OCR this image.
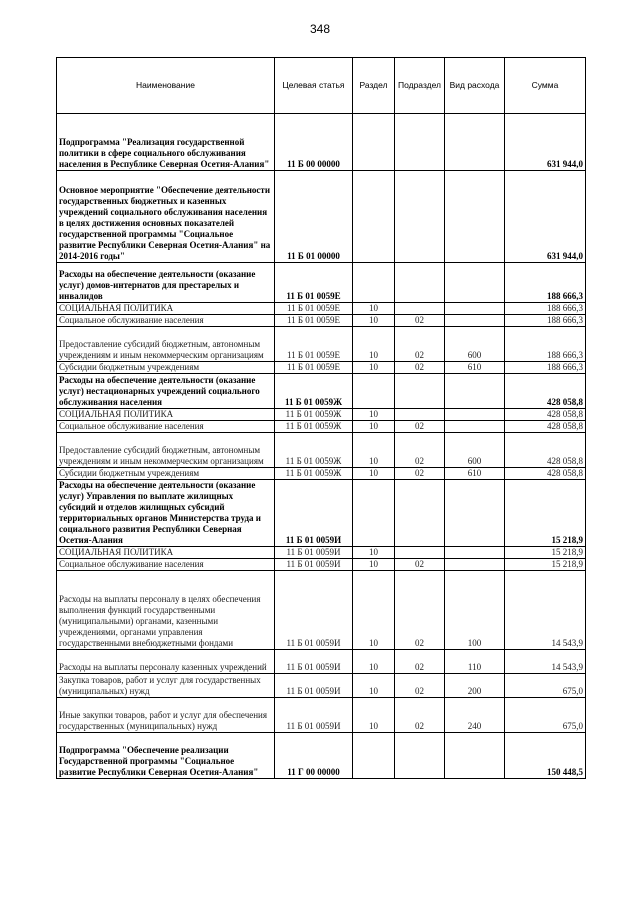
348
Наименование	Целевая статья	Раздел	Подраздел	Вид расхода	Сумма
Подпрограмма "Реализация государственной политики в сфере социального обслуживания населения в Республике Северная Осетия-Алания"	11 Б 00 00000				631 944,0
Основное мероприятие "Обеспечение деятельности государственных бюджетных и казенных учреждений социального обслуживания населения в целях достижения основных показателей государственной программы "Социальное развитие Республики Северная Осетия-Алания" на 2014-2016 годы"	11 Б 01 00000				631 944,0
Расходы на обеспечение деятельности (оказание услуг) домов-интернатов для престарелых и инвалидов	11 Б 01 0059Е				188 666,3
СОЦИАЛЬНАЯ ПОЛИТИКА	11 Б 01 0059Е	10			188 666,3
Социальное обслуживание населения	11 Б 01 0059Е	10	02		188 666,3
Предоставление субсидий бюджетным, автономным учреждениям и иным некоммерческим организациям	11 Б 01 0059Е	10	02	600	188 666,3
Субсидии бюджетным учреждениям	11 Б 01 0059Е	10	02	610	188 666,3
Расходы на обеспечение деятельности (оказание услуг) нестационарных учреждений социального обслуживания населения	11 Б 01 0059Ж				428 058,8
СОЦИАЛЬНАЯ ПОЛИТИКА	11 Б 01 0059Ж	10			428 058,8
Социальное обслуживание населения	11 Б 01 0059Ж	10	02		428 058,8
Предоставление субсидий бюджетным, автономным учреждениям и иным некоммерческим организациям	11 Б 01 0059Ж	10	02	600	428 058,8
Субсидии бюджетным учреждениям	11 Б 01 0059Ж	10	02	610	428 058,8
Расходы на обеспечение деятельности (оказание услуг) Управления по выплате жилищных субсидий и отделов жилищных субсидий территориальных органов Министерства труда и социального развития Республики Северная Осетия-Алания	11 Б 01 0059И				15 218,9
СОЦИАЛЬНАЯ ПОЛИТИКА	11 Б 01 0059И	10			15 218,9
Социальное обслуживание населения	11 Б 01 0059И	10	02		15 218,9
Расходы на выплаты персоналу в целях обеспечения выполнения функций государственными (муниципальными) органами, казенными учреждениями, органами управления государственными внебюджетными фондами	11 Б 01 0059И	10	02	100	14 543,9
Расходы на выплаты персоналу казенных учреждений	11 Б 01 0059И	10	02	110	14 543,9
Закупка товаров, работ и услуг для государственных (муниципальных) нужд	11 Б 01 0059И	10	02	200	675,0
Иные закупки товаров, работ и услуг для обеспечения государственных (муниципальных) нужд	11 Б 01 0059И	10	02	240	675,0
Подпрограмма "Обеспечение реализации Государственной программы "Социальное развитие Республики Северная Осетия-Алания"	11 Г 00 00000				150 448,5
